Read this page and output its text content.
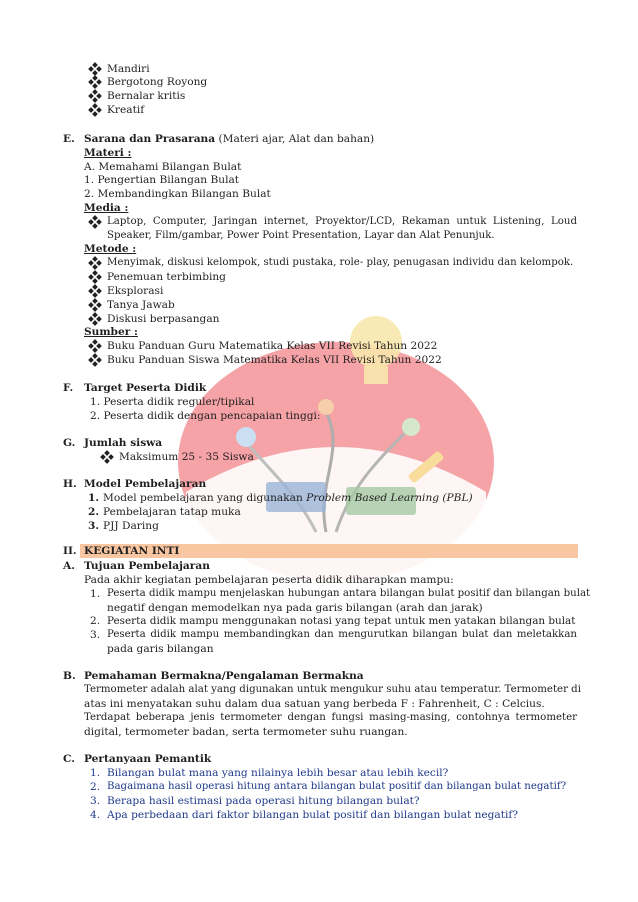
Mandiri
Bergotong Royong
Bernalar kritis
Kreatif
E. Sarana dan Prasarana (Materi ajar, Alat dan bahan)
Materi :
A. Memahami Bilangan Bulat
1. Pengertian Bilangan Bulat
2. Membandingkan Bilangan Bulat
Media :
Laptop, Computer, Jaringan internet, Proyektor/LCD, Rekaman untuk Listening, Loud
Speaker, Film/gambar, Power Point Presentation, Layar dan Alat Penunjuk.
Metode :
Menyimak, diskusi kelompok, studi pustaka, role- play, penugasan individu dan kelompok.
Penemuan terbimbing
Eksplorasi
Tanya Jawab
Diskusi berpasangan
Sumber :
Buku Panduan Guru Matematika Kelas VII Revisi Tahun 2022
Buku Panduan Siswa Matematika Kelas VII Revisi Tahun 2022
F. Target Peserta Didik
1. Peserta didik reguler/tipikal
2. Peserta didik dengan pencapaian tinggi:
G. Jumlah siswa
Maksimum 25 - 35 Siswa
H. Model Pembelajaran
1. Model pembelajaran yang digunakan Problem Based Learning (PBL)
2. Pembelajaran tatap muka
3. PJJ Daring
II. KEGIATAN INTI
A. Tujuan Pembelajaran
Pada akhir kegiatan pembelajaran peserta didik diharapkan mampu:
1. Peserta didik mampu menjelaskan hubungan antara bilangan bulat positif dan bilangan bulat
negatif dengan memodelkan nya pada garis bilangan (arah dan jarak)
2. Peserta didik mampu menggunakan notasi yang tepat untuk men yatakan bilangan bulat
3. Peserta didik mampu membandingkan dan mengurutkan bilangan bulat dan meletakkan
pada garis bilangan
B. Pemahaman Bermakna/Pengalaman Bermakna
Termometer adalah alat yang digunakan untuk mengukur suhu atau temperatur. Termometer di
atas ini menyatakan suhu dalam dua satuan yang berbeda F : Fahrenheit, C : Celcius.
Terdapat beberapa jenis termometer dengan fungsi masing-masing, contohnya termometer
digital, termometer badan, serta termometer suhu ruangan.
C. Pertanyaan Pemantik
1. Bilangan bulat mana yang nilainya lebih besar atau lebih kecil?
2. Bagaimana hasil operasi hitung antara bilangan bulat positif dan bilangan bulat negatif?
3. Berapa hasil estimasi pada operasi hitung bilangan bulat?
4. Apa perbedaan dari faktor bilangan bulat positif dan bilangan bulat negatif?
